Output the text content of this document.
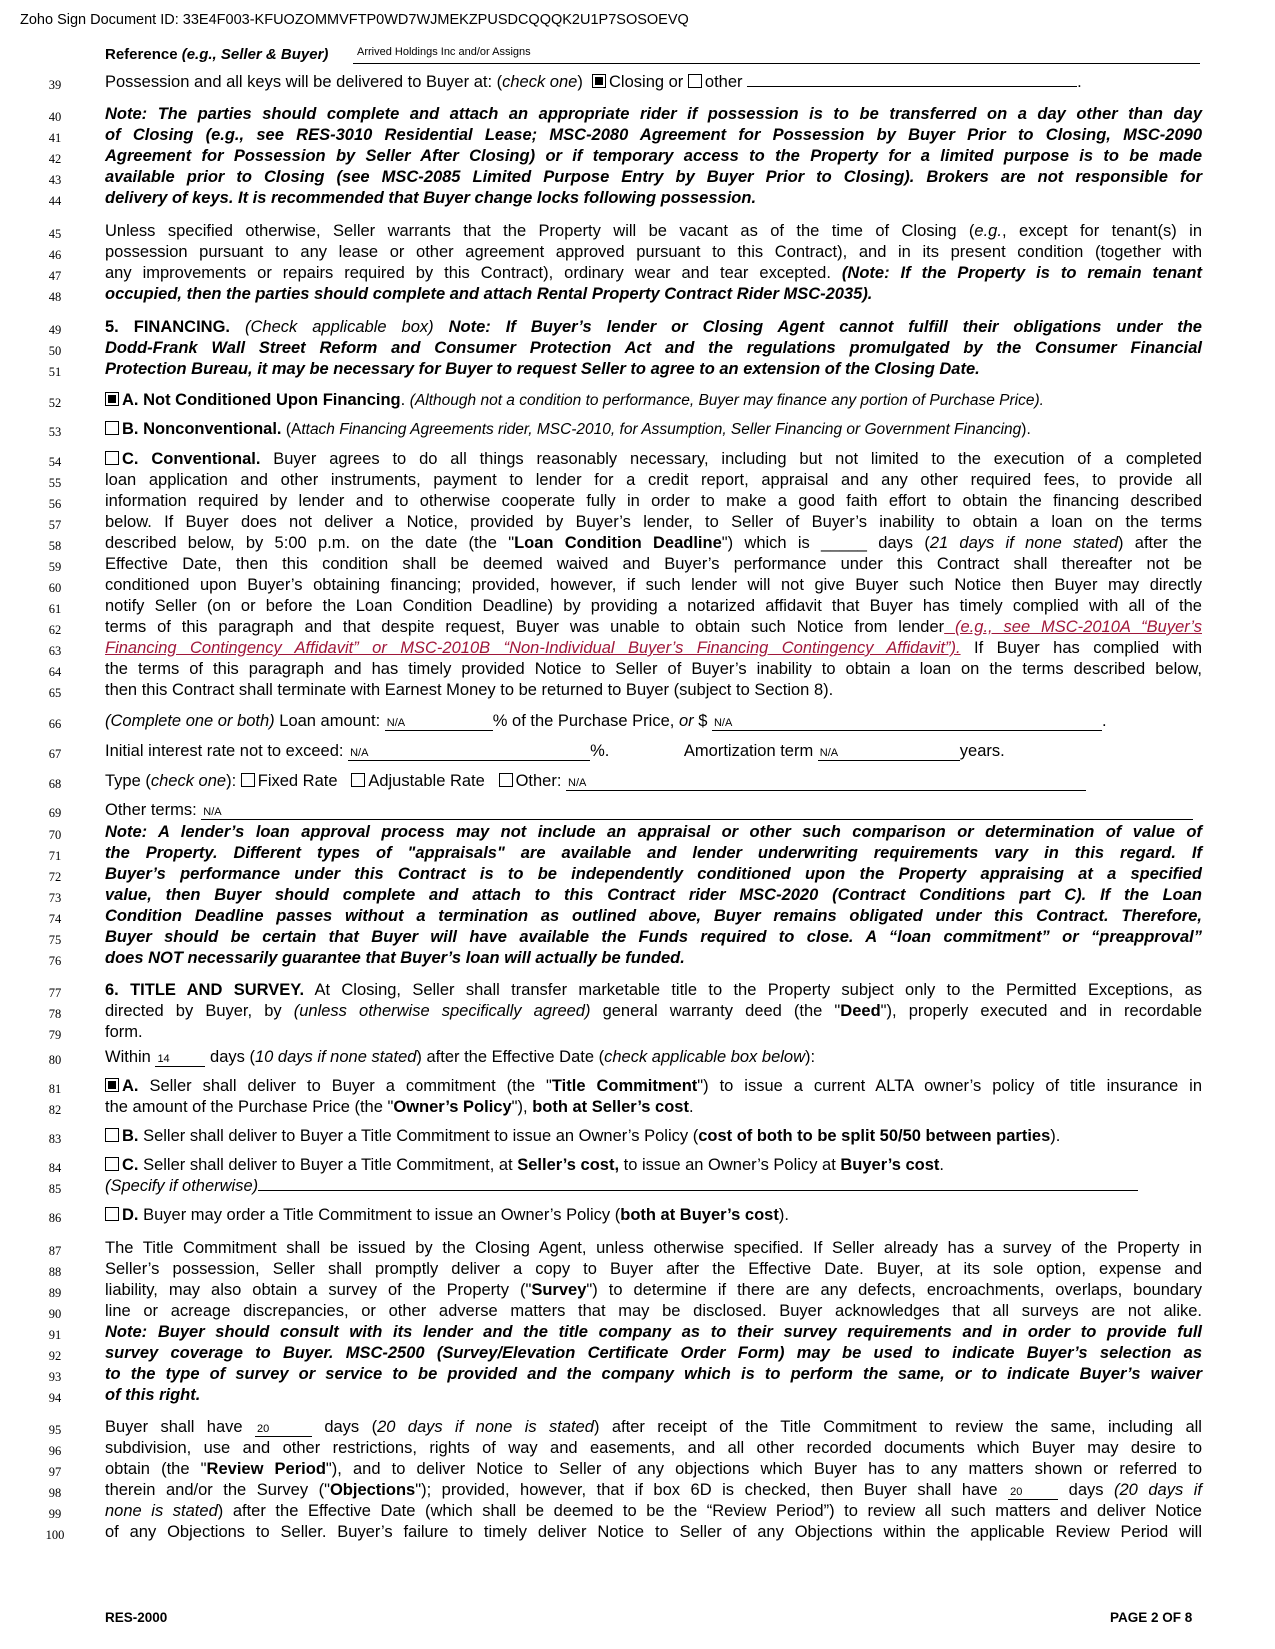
Zoho Sign Document ID: 33E4F003-KFUOZOMMVFTP0WD7WJMEKZPUSDCQQQK2U1P7SOSOEVQ
Reference (e.g., Seller & Buyer)	Arrived Holdings Inc and/or Assigns
39
40
41
42
43
44
45
46
47
48
49
50
51
52
53
54
55
56
57
58
59
60
61
62
63
64
65
66
67
68
69
70
71
72
73
74
75
76
77
78
79
80
81
82
83
84
85
86
87
88
89
90
91
92
93
94
95
96
97
98
99
100
Possession and all keys will be delivered to Buyer at: (check one) Closing or other	.
Note: The parties should complete and attach an appropriate rider if possession is to be transferred on a day other than day
of Closing (e.g., see RES-3010 Residential Lease; MSC-2080 Agreement for Possession by Buyer Prior to Closing, MSC-2090
Agreement for Possession by Seller After Closing) or if temporary access to the Property for a limited purpose is to be made
available prior to Closing (see MSC-2085 Limited Purpose Entry by Buyer Prior to Closing). Brokers are not responsible for
delivery of keys. It is recommended that Buyer change locks following possession.
Unless specified otherwise, Seller warrants that the Property will be vacant as of the time of Closing (e.g., except for tenant(s) in
possession pursuant to any lease or other agreement approved pursuant to this Contract), and in its present condition (together with
any improvements or repairs required by this Contract), ordinary wear and tear excepted. (Note: If the Property is to remain tenant
occupied, then the parties should complete and attach Rental Property Contract Rider MSC-2035).
5. FINANCING. (Check applicable box) Note: If Buyer’s lender or Closing Agent cannot fulfill their obligations under the
Dodd-Frank Wall Street Reform and Consumer Protection Act and the regulations promulgated by the Consumer Financial
Protection Bureau, it may be necessary for Buyer to request Seller to agree to an extension of the Closing Date.
A. Not Conditioned Upon Financing. (Although not a condition to performance, Buyer may finance any portion of Purchase Price).
B. Nonconventional. (Attach Financing Agreements rider, MSC-2010, for Assumption, Seller Financing or Government Financing).
C. Conventional. Buyer agrees to do all things reasonably necessary, including but not limited to the execution of a completed
loan application and other instruments, payment to lender for a credit report, appraisal and any other required fees, to provide all
information required by lender and to otherwise cooperate fully in order to make a good faith effort to obtain the financing described
below. If Buyer does not deliver a Notice, provided by Buyer’s lender, to Seller of Buyer’s inability to obtain a loan on the terms
described below, by 5:00 p.m. on the date (the "Loan Condition Deadline") which is _____ days (21 days if none stated) after the
Effective Date, then this condition shall be deemed waived and Buyer’s performance under this Contract shall thereafter not be
conditioned upon Buyer’s obtaining financing; provided, however, if such lender will not give Buyer such Notice then Buyer may directly
notify Seller (on or before the Loan Condition Deadline) by providing a notarized affidavit that Buyer has timely complied with all of the
terms of this paragraph and that despite request, Buyer was unable to obtain such Notice from lender (e.g., see MSC-2010A “Buyer’s
Financing Contingency Affidavit” or MSC-2010B “Non-Individual Buyer’s Financing Contingency Affidavit”). If Buyer has complied with
the terms of this paragraph and has timely provided Notice to Seller of Buyer’s inability to obtain a loan on the terms described below,
then this Contract shall terminate with Earnest Money to be returned to Buyer (subject to Section 8).
(Complete one or both) Loan amount: N/A	% of the Purchase Price, or $ N/A	.
Initial interest rate not to exceed: N/A	%.	Amortization term N/A	years.
Type (check one): Fixed Rate Adjustable Rate Other: N/A
Other terms: N/A
Note: A lender’s loan approval process may not include an appraisal or other such comparison or determination of value of
the Property. Different types of "appraisals" are available and lender underwriting requirements vary in this regard. If
Buyer’s performance under this Contract is to be independently conditioned upon the Property appraising at a specified
value, then Buyer should complete and attach to this Contract rider MSC-2020 (Contract Conditions part C). If the Loan
Condition Deadline passes without a termination as outlined above, Buyer remains obligated under this Contract. Therefore,
Buyer should be certain that Buyer will have available the Funds required to close. A “loan commitment” or “preapproval”
does NOT necessarily guarantee that Buyer’s loan will actually be funded.
6. TITLE AND SURVEY. At Closing, Seller shall transfer marketable title to the Property subject only to the Permitted Exceptions, as
directed by Buyer, by (unless otherwise specifically agreed) general warranty deed (the "Deed"), properly executed and in recordable
form.
Within 14 days (10 days if none stated) after the Effective Date (check applicable box below):
A. Seller shall deliver to Buyer a commitment (the "Title Commitment") to issue a current ALTA owner’s policy of title insurance in
the amount of the Purchase Price (the "Owner’s Policy"), both at Seller’s cost.
B. Seller shall deliver to Buyer a Title Commitment to issue an Owner’s Policy (cost of both to be split 50/50 between parties).
C. Seller shall deliver to Buyer a Title Commitment, at Seller’s cost, to issue an Owner’s Policy at Buyer’s cost.
(Specify if otherwise)
D. Buyer may order a Title Commitment to issue an Owner’s Policy (both at Buyer’s cost).
The Title Commitment shall be issued by the Closing Agent, unless otherwise specified. If Seller already has a survey of the Property in
Seller’s possession, Seller shall promptly deliver a copy to Buyer after the Effective Date. Buyer, at its sole option, expense and
liability, may also obtain a survey of the Property ("Survey") to determine if there are any defects, encroachments, overlaps, boundary
line or acreage discrepancies, or other adverse matters that may be disclosed. Buyer acknowledges that all surveys are not alike.
Note: Buyer should consult with its lender and the title company as to their survey requirements and in order to provide full
survey coverage to Buyer. MSC-2500 (Survey/Elevation Certificate Order Form) may be used to indicate Buyer’s selection as
to the type of survey or service to be provided and the company which is to perform the same, or to indicate Buyer’s waiver
of this right.
Buyer shall have 20	days (20 days if none is stated) after receipt of the Title Commitment to review the same, including all
subdivision, use and other restrictions, rights of way and easements, and all other recorded documents which Buyer may desire to
obtain (the "Review Period"), and to deliver Notice to Seller of any objections which Buyer has to any matters shown or referred to
therein and/or the Survey ("Objections"); provided, however, that if box 6D is checked, then Buyer shall have 20 days (20 days if
none is stated) after the Effective Date (which shall be deemed to be the “Review Period”) to review all such matters and deliver Notice
of any Objections to Seller. Buyer’s failure to timely deliver Notice to Seller of any Objections within the applicable Review Period will
RES-2000	PAGE 2 OF 8
